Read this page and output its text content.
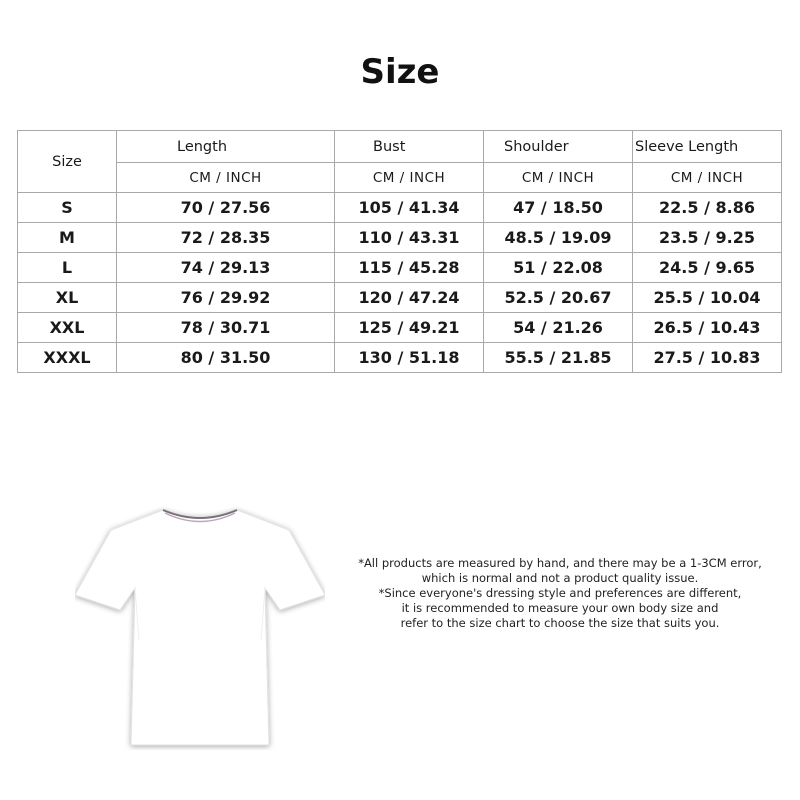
Size
Size	Length	Bust	Shoulder	Sleeve Length
	CM / INCH	CM / INCH	CM / INCH	CM / INCH
S	70 / 27.56	105 / 41.34	47 / 18.50	22.5 / 8.86
M	72 / 28.35	110 / 43.31	48.5 / 19.09	23.5 / 9.25
L	74 / 29.13	115 / 45.28	51 / 22.08	24.5 / 9.65
XL	76 / 29.92	120 / 47.24	52.5 / 20.67	25.5 / 10.04
XXL	78 / 30.71	125 / 49.21	54 / 21.26	26.5 / 10.43
XXXL	80 / 31.50	130 / 51.18	55.5 / 21.85	27.5 / 10.83

*All products are measured by hand, and there may be a 1-3CM error,

which is normal and not a product quality issue.

*Since everyone's dressing style and preferences are different,

it is recommended to measure your own body size and

refer to the size chart to choose the size that suits you.
